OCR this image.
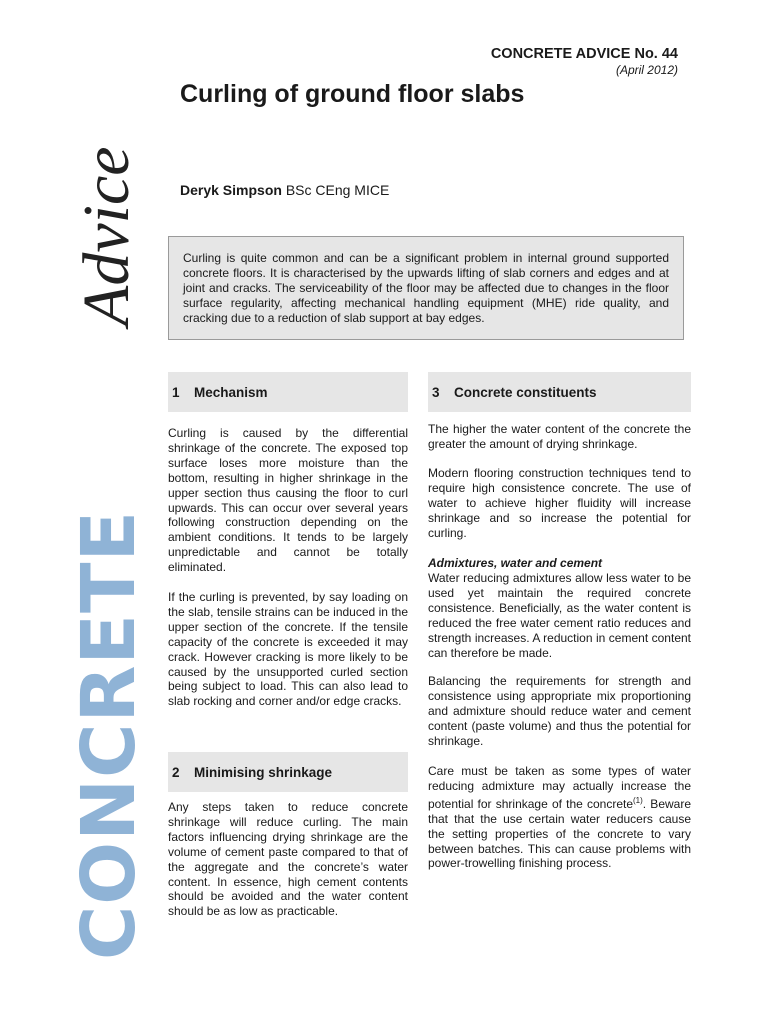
CONCRETE
Advice
CONCRETE ADVICE No. 44
(April 2012)
Curling of ground floor slabs
Deryk Simpson BSc CEng MICE
Curling is quite common and can be a significant problem in internal ground supported concrete floors. It is characterised by the upwards lifting of slab corners and edges and at joint and cracks. The serviceability of the floor may be affected due to changes in the floor surface regularity, affecting mechanical handling equipment (MHE) ride quality, and cracking due to a reduction of slab support at bay edges.
1	Mechanism

Curling is caused by the differential shrinkage of the concrete. The exposed top surface loses more moisture than the bottom, resulting in higher shrinkage in the upper section thus causing the floor to curl upwards. This can occur over several years following construction depending on the ambient conditions. It tends to be largely unpredictable and cannot be totally eliminated.

If the curling is prevented, by say loading on the slab, tensile strains can be induced in the upper section of the concrete. If the tensile capacity of the concrete is exceeded it may crack. However cracking is more likely to be caused by the unsupported curled section being subject to load. This can also lead to slab rocking and corner and/or edge cracks.

2	Minimising shrinkage

Any steps taken to reduce concrete shrinkage will reduce curling. The main factors influencing drying shrinkage are the volume of cement paste compared to that of the aggregate and the concrete’s water content. In essence, high cement contents should be avoided and the water content should be as low as practicable.

3	Concrete constituents

The higher the water content of the concrete the greater the amount of drying shrinkage.

Modern flooring construction techniques tend to require high consistence concrete. The use of water to achieve higher fluidity will increase shrinkage and so increase the potential for curling.

Admixtures, water and cement

Water reducing admixtures allow less water to be used yet maintain the required concrete consistence. Beneficially, as the water content is reduced the free water cement ratio reduces and strength increases. A reduction in cement content can therefore be made.

Balancing the requirements for strength and consistence using appropriate mix proportioning and admixture should reduce water and cement content (paste volume) and thus the potential for shrinkage.

Care must be taken as some types of water reducing admixture may actually increase the potential for shrinkage of the concrete$^{(1)}$. Beware that that the use certain water reducers cause the setting properties of the concrete to vary between batches. This can cause problems with power-trowelling finishing process.
